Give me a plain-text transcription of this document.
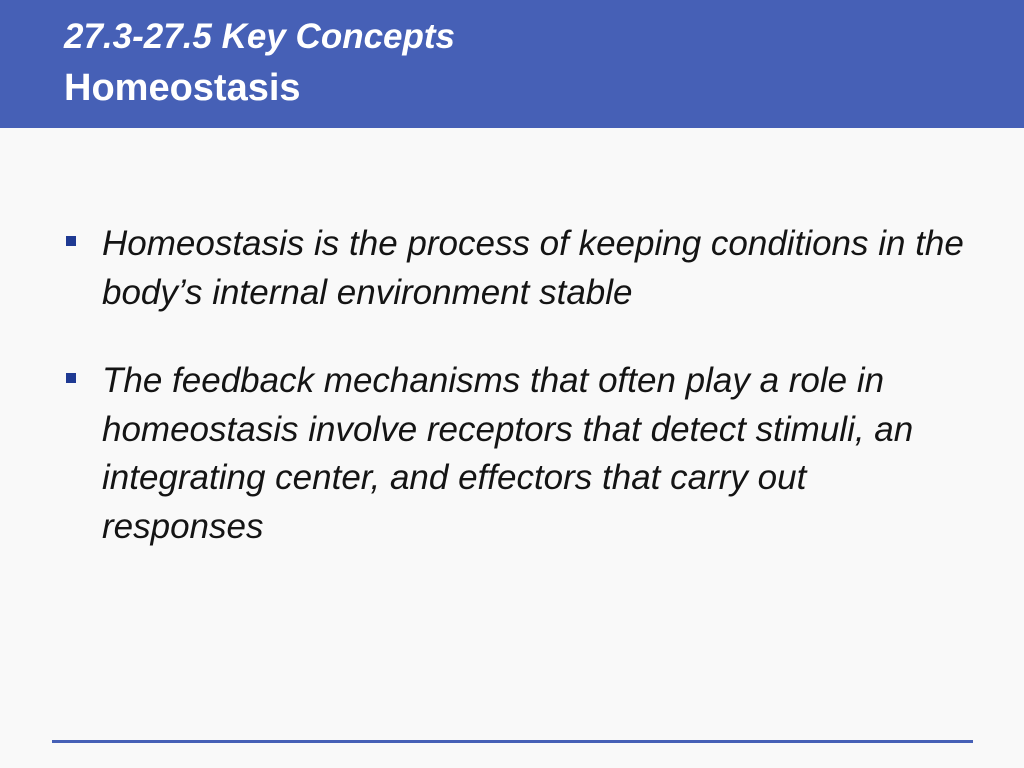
27.3-27.5 Key Concepts
Homeostasis
Homeostasis is the process of keeping conditions in the body’s internal environment stable
The feedback mechanisms that often play a role in homeostasis involve receptors that detect stimuli, an integrating center, and effectors that carry out responses
